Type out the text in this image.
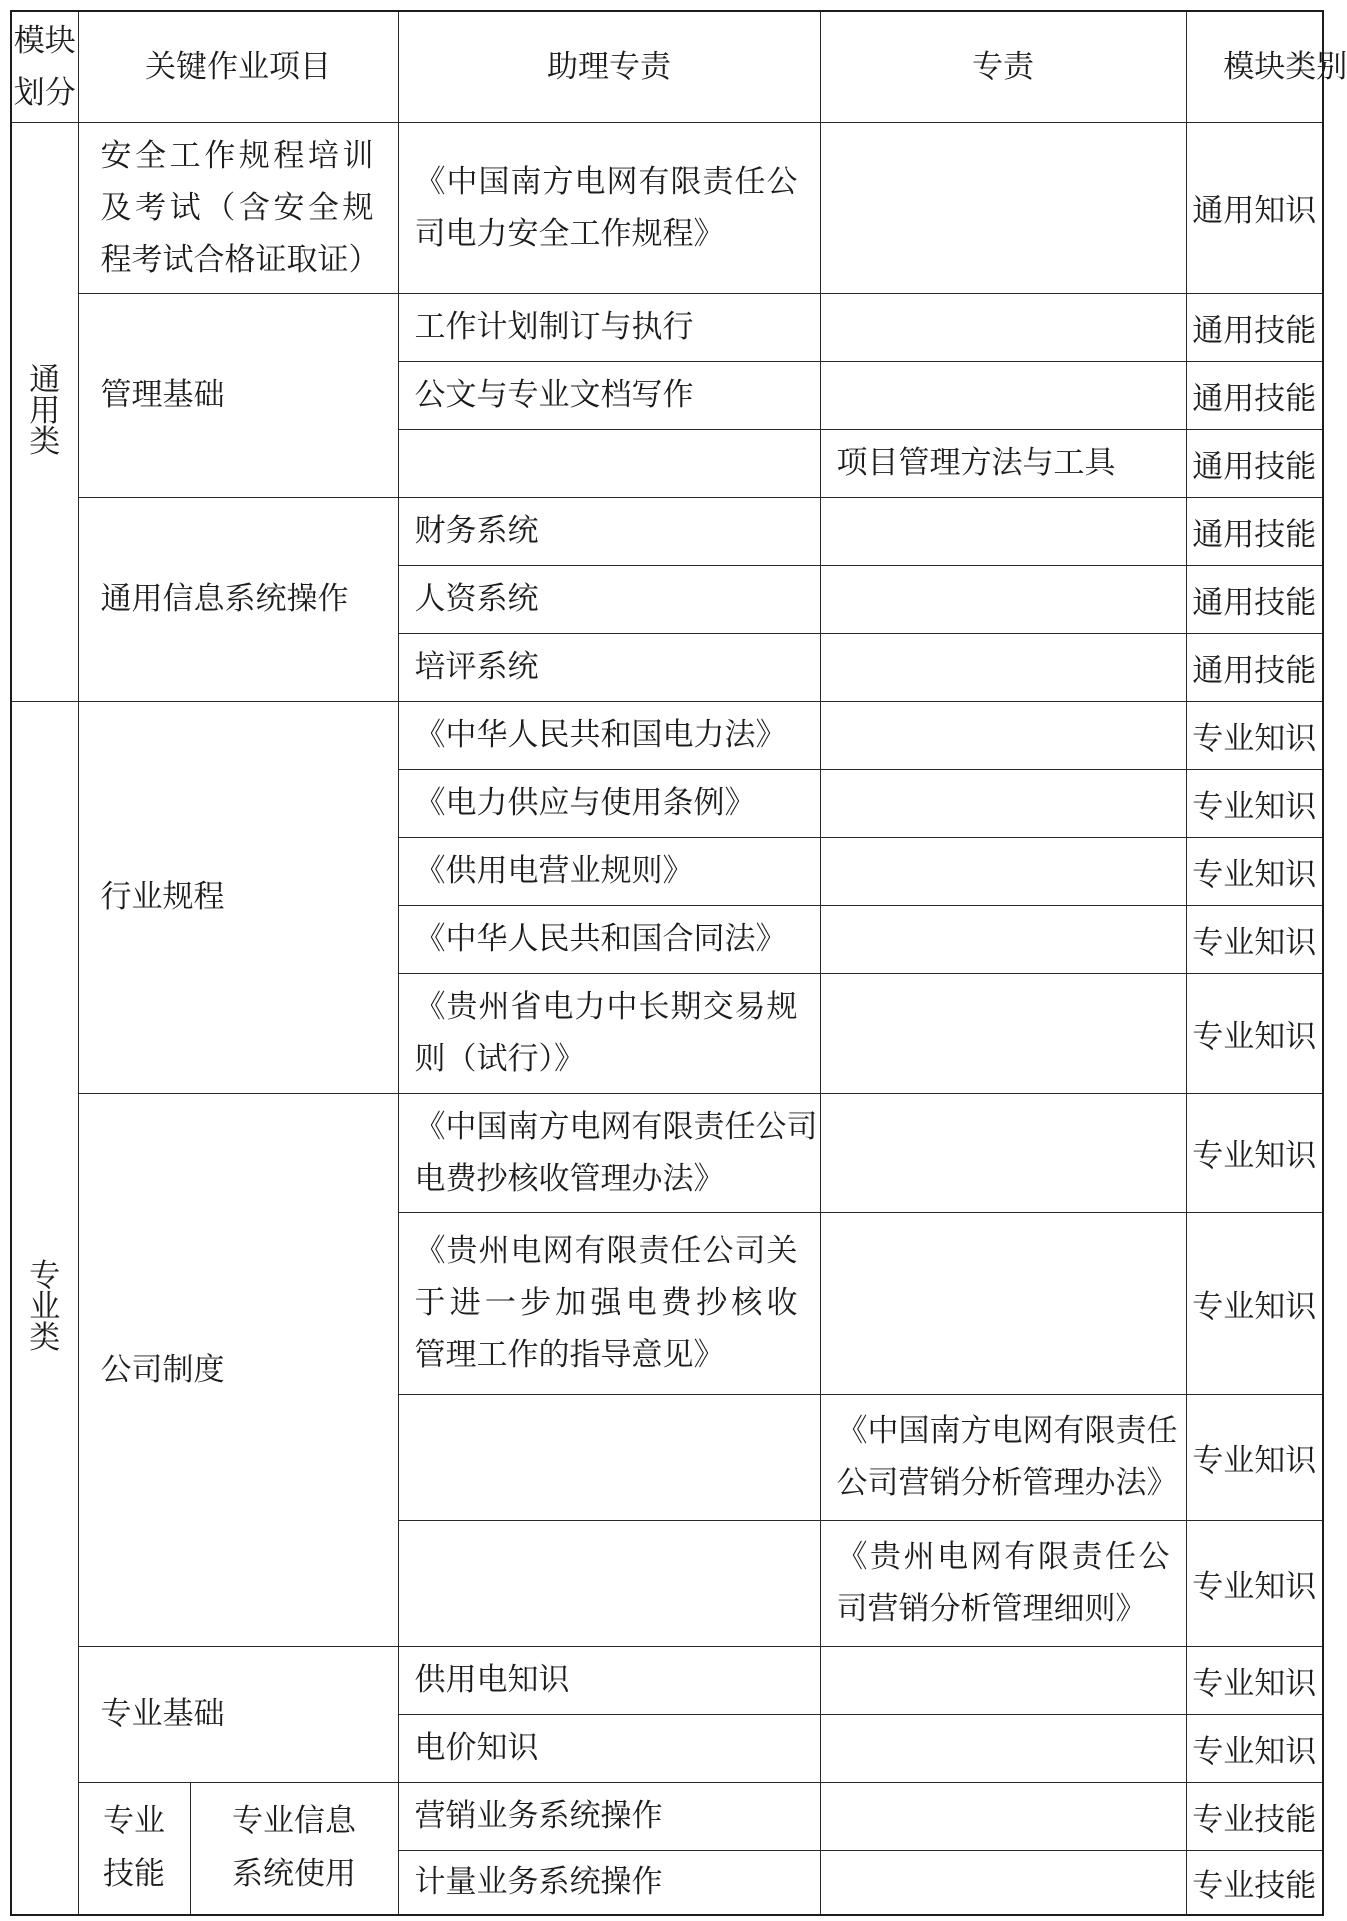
模块划分	关键作业项目		助理专责	专责	模块类别

通用类	安全工作规程培训
及考试（含安全规
程考试合格证取证）		《中国南方电网有限责任公
司电力安全工作规程》		通用知识

	管理基础		工作计划制订与执行		通用技能

			公文与专业文档写作		通用技能

				项目管理方法与工具	通用技能

	通用信息系统操作		财务系统		通用技能

			人资系统		通用技能

			培评系统		通用技能

专业类	行业规程		《中华人民共和国电力法》		专业知识

			《电力供应与使用条例》		专业知识

			《供用电营业规则》		专业知识

			《中华人民共和国合同法》		专业知识

			《贵州省电力中长期交易规
则（试行）》		专业知识

	公司制度		《中国南方电网有限责任公司
电费抄核收管理办法》		专业知识

			《贵州电网有限责任公司关
于进一步加强电费抄核收
管理工作的指导意见》		专业知识

				《中国南方电网有限责任
公司营销分析管理办法》	专业知识

				《贵州电网有限责任公
司营销分析管理细则》	专业知识

	专业基础		供用电知识		专业知识

			电价知识		专业知识

	专业技能	专业信息系统使用	营销业务系统操作		专业技能

			计量业务系统操作		专业技能
